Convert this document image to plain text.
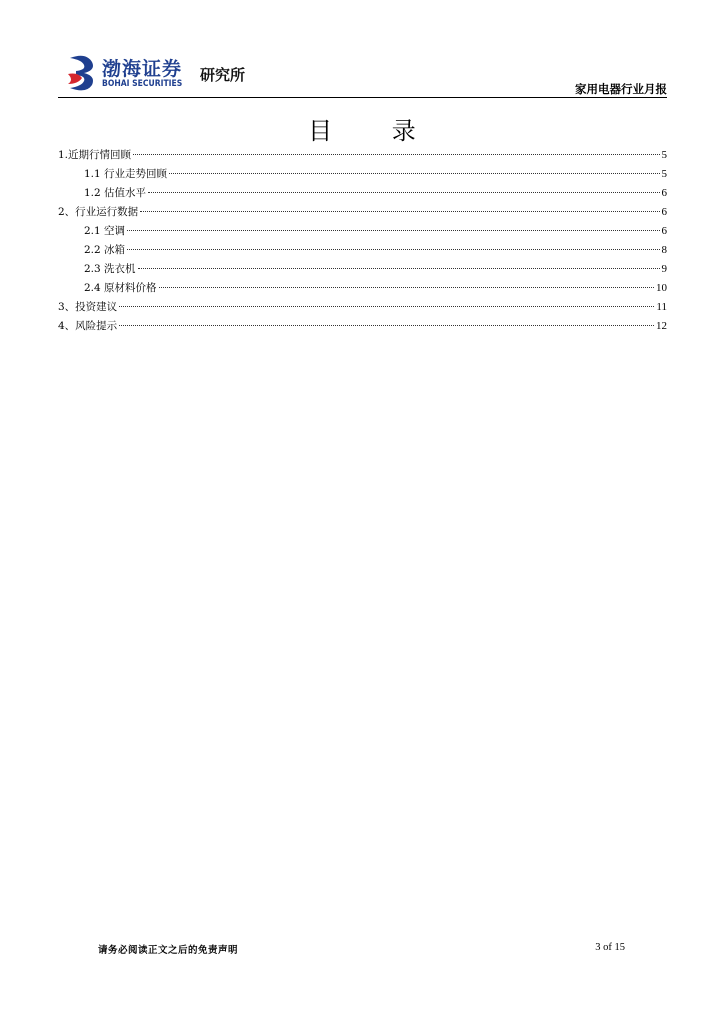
渤海证券
BOHAI SECURITIES 研究所
家用电器行业月报
目 录
1.近期行情回顾	5
1.1 行业走势回顾	5
1.2 估值水平	6
2、行业运行数据	6
2.1 空调	6
2.2 冰箱	8
2.3 洗衣机	9
2.4 原材料价格	10
3、投资建议	11
4、风险提示	12
请务必阅读正文之后的免责声明	3 of 15
